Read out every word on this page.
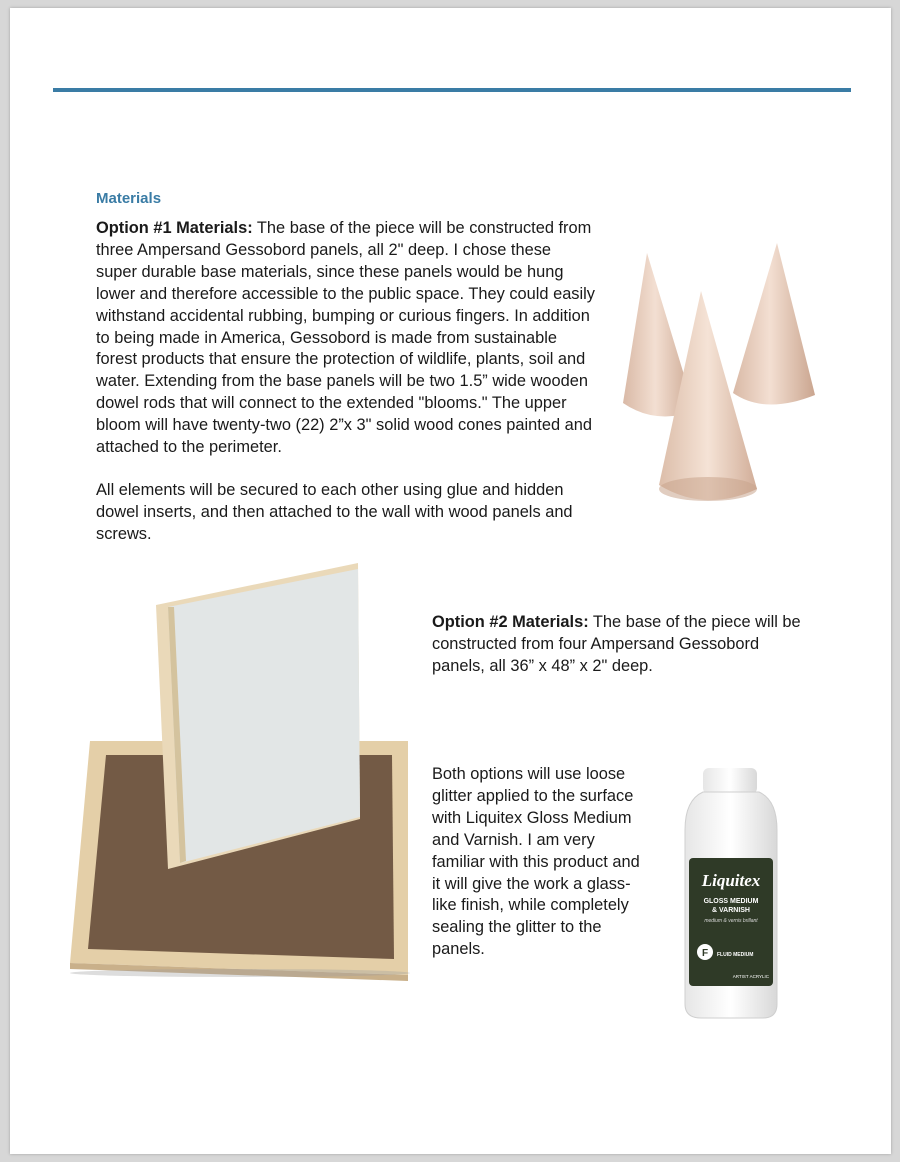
Materials

Option #1 Materials: The base of the piece will be constructed from three Ampersand Gessobord panels, all 2" deep. I chose these super durable base materials, since these panels would be hung lower and therefore accessible to the public space. They could easily withstand accidental rubbing, bumping or curious fingers. In addition to being made in America, Gessobord is made from sustainable forest products that ensure the protection of wildlife, plants, soil and water. Extending from the base panels will be two 1.5” wide wooden dowel rods that will connect to the extended "blooms." The upper bloom will have twenty-two (22) 2”x 3" solid wood cones painted and attached to the perimeter.

All elements will be secured to each other using glue and hidden dowel inserts, and then attached to the wall with wood panels and screws.

Option #2 Materials: The base of the piece will be constructed from four Ampersand Gessobord panels, all 36” x 48” x 2" deep.

Both options will use loose glitter applied to the surface with Liquitex Gloss Medium and Varnish. I am very familiar with this product and it will give the work a glass-like finish, while completely sealing the glitter to the panels.

Liquitex
GLOSS MEDIUM
& VARNISH
medium & vernis brillant
F FLUID MEDIUM
ARTIST ACRYLIC
